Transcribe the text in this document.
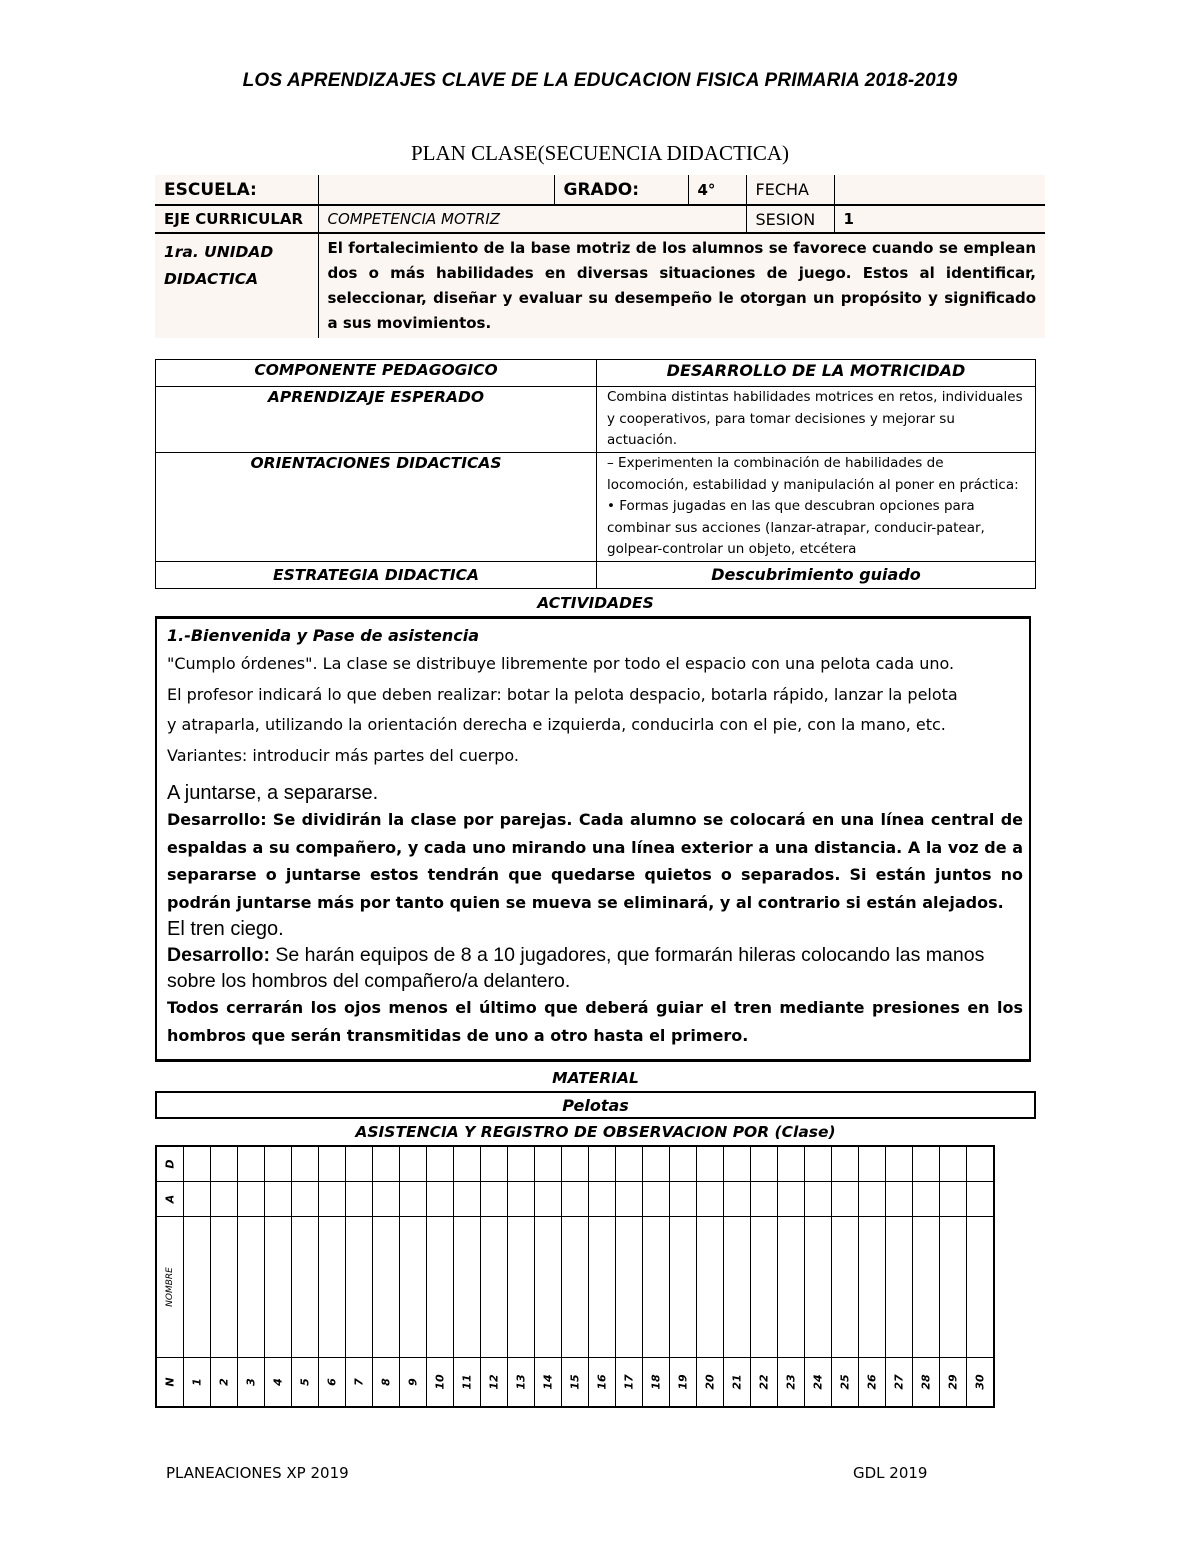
LOS APRENDIZAJES CLAVE DE LA EDUCACION FISICA PRIMARIA 2018-2019
PLAN CLASE(SECUENCIA DIDACTICA)
ESCUELA:		GRADO:	4°	FECHA	
EJE CURRICULAR	COMPETENCIA MOTRIZ			SESION	1

1ra. UNIDAD
DIDACTICA	El fortalecimiento de la base motriz de los alumnos se favorece cuando se emplean dos o más habilidades en diversas situaciones de juego. Estos al identificar, seleccionar, diseñar y evaluar su desempeño le otorgan un propósito y significado a sus movimientos.				
COMPONENTE PEDAGOGICO	DESARROLLO DE LA MOTRICIDAD
APRENDIZAJE ESPERADO	Combina distintas habilidades motrices en retos, individuales y cooperativos, para tomar decisiones y mejorar su actuación.
ORIENTACIONES DIDACTICAS	– Experimenten la combinación de habilidades de locomoción, estabilidad y manipulación al poner en práctica: • Formas jugadas en las que descubran opciones para combinar sus acciones (lanzar-atrapar, conducir-patear, golpear-controlar un objeto, etcétera
ESTRATEGIA DIDACTICA	Descubrimiento guiado
ACTIVIDADES
1.-Bienvenida y Pase de asistencia

"Cumplo órdenes". La clase se distribuye libremente por todo el espacio con una pelota cada uno.

El profesor indicará lo que deben realizar: botar la pelota despacio, botarla rápido, lanzar la pelota

y atraparla, utilizando la orientación derecha e izquierda, conducirla con el pie, con la mano, etc.

Variantes: introducir más partes del cuerpo.

A juntarse, a separarse.

Desarrollo: Se dividirán la clase por parejas. Cada alumno se colocará en una línea central de espaldas a su compañero, y cada uno mirando una línea exterior a una distancia. A la voz de a separarse o juntarse estos tendrán que quedarse quietos o separados. Si están juntos no podrán juntarse más por tanto quien se mueva se eliminará, y al contrario si están alejados.

El tren ciego.

Desarrollo: Se harán equipos de 8 a 10 jugadores, que formarán hileras colocando las manos sobre los hombros del compañero/a delantero.

Todos cerrarán los ojos menos el último que deberá guiar el tren mediante presiones en los hombros que serán transmitidas de uno a otro hasta el primero.

MATERIAL
Pelotas
ASISTENCIA Y REGISTRO DE OBSERVACION POR (Clase)
D																														

A																														

NOMBRE																														

N	1	2	3	4	5	6	7	8	9	10	11	12	13	14	15	16	17	18	19	20	21	22	23	24	25	26	27	28	29	30
PLANEACIONES XP 2019	GDL 2019
